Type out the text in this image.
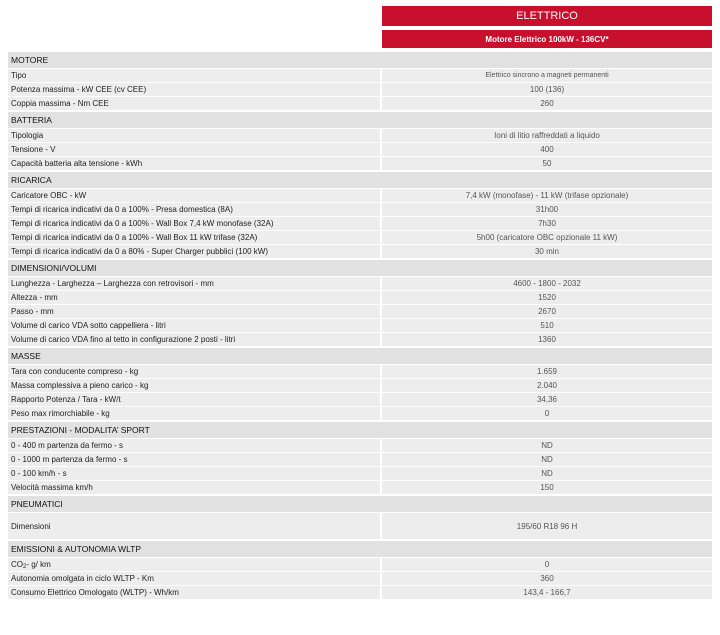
ELETTRICO
Motore Elettrico 100kW - 136CV*
MOTORE
Tipo	Elettrico sincrono a magneti permanenti
Potenza massima - kW CEE (cv CEE)	100 (136)
Coppia massima - Nm CEE	260
BATTERIA
Tipologia	Ioni di litio raffreddati a liquido
Tensione - V	400
Capacità batteria alta tensione - kWh	50
RICARICA
Caricatore OBC - kW	7,4 kW (monofase) - 11 kW (trifase opzionale)
Tempi di ricarica indicativi da 0 a 100% - Presa domestica (8A)	31h00
Tempi di ricarica indicativi da 0 a 100% - Wall Box 7,4 kW monofase (32A)	7h30
Tempi di ricarica indicativi da 0 a 100% - Wall Box 11 kW trifase (32A)	5h00 (caricatore OBC opzionale 11 kW)
Tempi di ricarica indicativi da 0 a 80% - Super Charger pubblici (100 kW)	30 min
DIMENSIONI/VOLUMI
Lunghezza - Larghezza – Larghezza con retrovisori - mm	4600 - 1800 - 2032
Altezza - mm	1520
Passo - mm	2670
Volume di carico VDA sotto cappelliera - litri	510
Volume di carico VDA fino al tetto in configurazione 2 posti - litri	1360
MASSE
Tara con conducente compreso - kg	1.659
Massa complessiva a pieno carico - kg	2.040
Rapporto Potenza / Tara - kW/t	34,36
Peso max rimorchiabile - kg	0
PRESTAZIONI - MODALITA’ SPORT
0 - 400 m partenza da fermo - s	ND
0 - 1000 m partenza da fermo - s	ND
0 - 100 km/h - s	ND
Velocità massima km/h	150
PNEUMATICI
Dimensioni	195/60 R18 96 H
EMISSIONI & AUTONOMIA WLTP
$CO_2 - g/$ km	0
Autonomia omolgata in ciclo WLTP - Km	360
Consumo Elettrico Omologato (WLTP) - Wh/km	143,4 - 166,7
